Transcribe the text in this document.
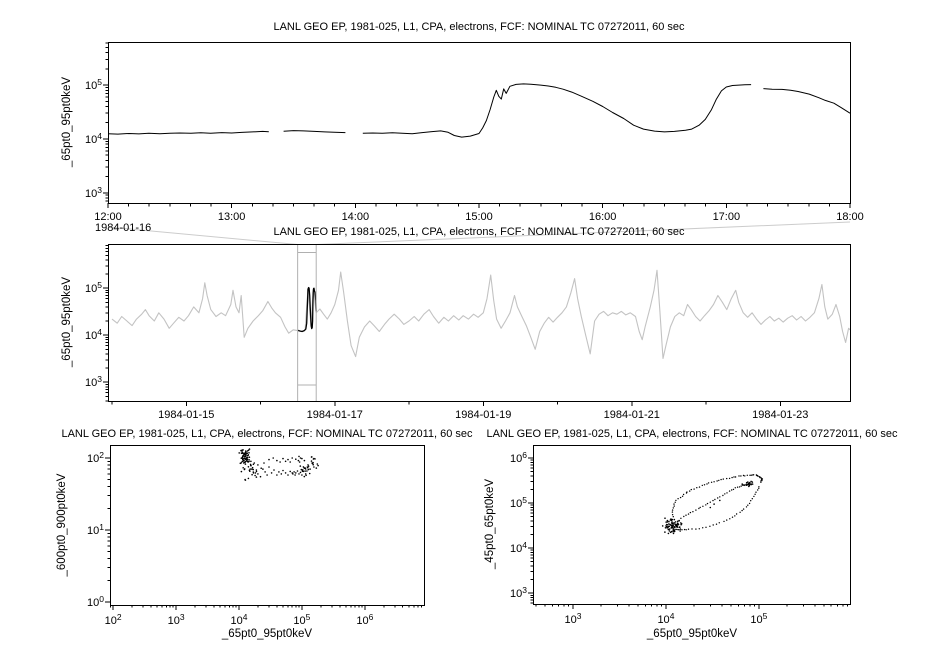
$10^3$
$10^4$
$10^5$
12:00	13:00	14:00	15:00	16:00	17:00	18:00
1984-01-16
$10^3$
$10^4$
$10^5$
1984-01-15	1984-01-17	1984-01-19	1984-01-21	1984-01-23
$10^0$
$10^1$
$10^2$
$10^2$	$10^3$	$10^4$	$10^5$	$10^6$
$10^3$
$10^4$
$10^5$
$10^6$
$10^3$	$10^4$	$10^5$
LANL GEO EP, 1981-025, L1, CPA, electrons, FCF: NOMINAL TC 07272011, 60 sec
LANL GEO EP, 1981-025, L1, CPA, electrons, FCF: NOMINAL TC 07272011, 60 sec
LANL GEO EP, 1981-025, L1, CPA, electrons, FCF: NOMINAL TC 07272011, 60 sec LANL GEO EP, 1981-025, L1, CPA, electrons, FCF: NOMINAL TC 07272011, 60 sec
_65pt0_95pt0keV
_65pt0_95pt0keV
_600pt0_900pt0keV	_45pt0_65pt0keV
_65pt0_95pt0keV	_65pt0_95pt0keV
